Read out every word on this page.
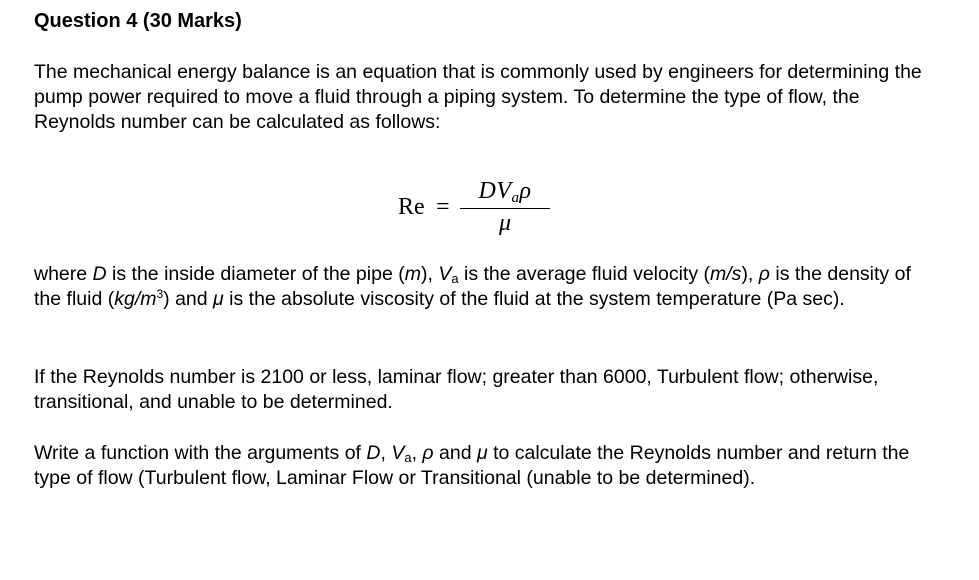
Question 4 (30 Marks)

The mechanical energy balance is an equation that is commonly used by engineers for determining the pump power required to move a fluid through a piping system. To determine the type of flow, the Reynolds number can be calculated as follows:

Re =
$DV_a\rho$
μ

where D is the inside diameter of the pipe (m), $V_a$ is the average fluid velocity (m/s), ρ is the density of the fluid $(kg/m^3)$ and μ is the absolute viscosity of the fluid at the system temperature (Pa sec).

If the Reynolds number is 2100 or less, laminar flow; greater than 6000, Turbulent flow; otherwise, transitional, and unable to be determined.

Write a function with the arguments of D, $V_a$, ρ and μ to calculate the Reynolds number and return the type of flow (Turbulent flow, Laminar Flow or Transitional (unable to be determined).
